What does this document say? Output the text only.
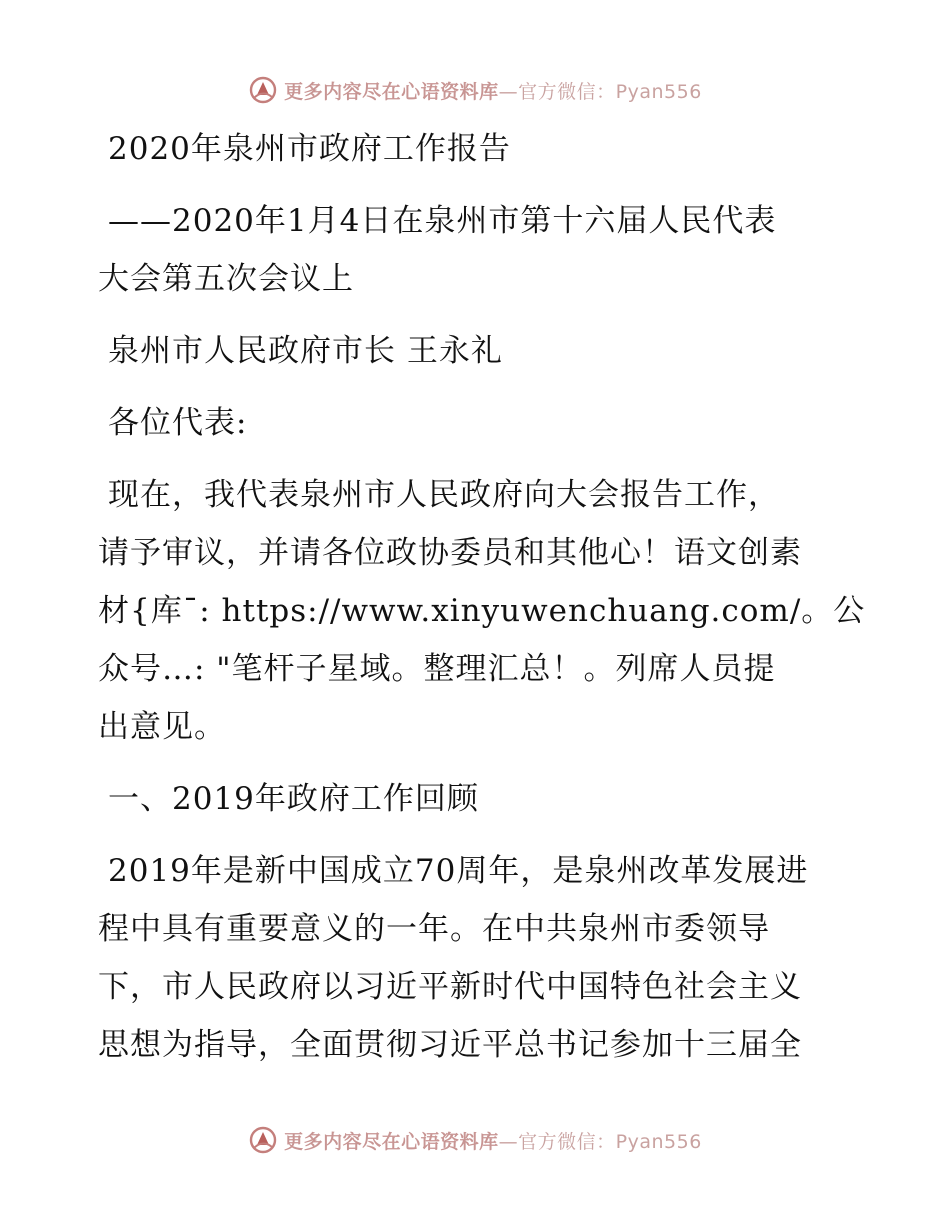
更多内容尽在心语资料库—官方微信：Pyan556
2020年泉州市政府工作报告
——2020年1月4日在泉州市第十六届人民代表
大会第五次会议上
泉州市人民政府市长 王永礼
各位代表:
现在，我代表泉州市人民政府向大会报告工作，
请予审议，并请各位政协委员和其他心！语文创素
材{库¯: https://www.xinyuwenchuang.com/。公
众号…: "笔杆子星域。整理汇总！。列席人员提
出意见。
一、2019年政府工作回顾
2019年是新中国成立70周年，是泉州改革发展进
程中具有重要意义的一年。在中共泉州市委领导
下，市人民政府以习近平新时代中国特色社会主义
思想为指导，全面贯彻习近平总书记参加十三届全
更多内容尽在心语资料库—官方微信：Pyan556
